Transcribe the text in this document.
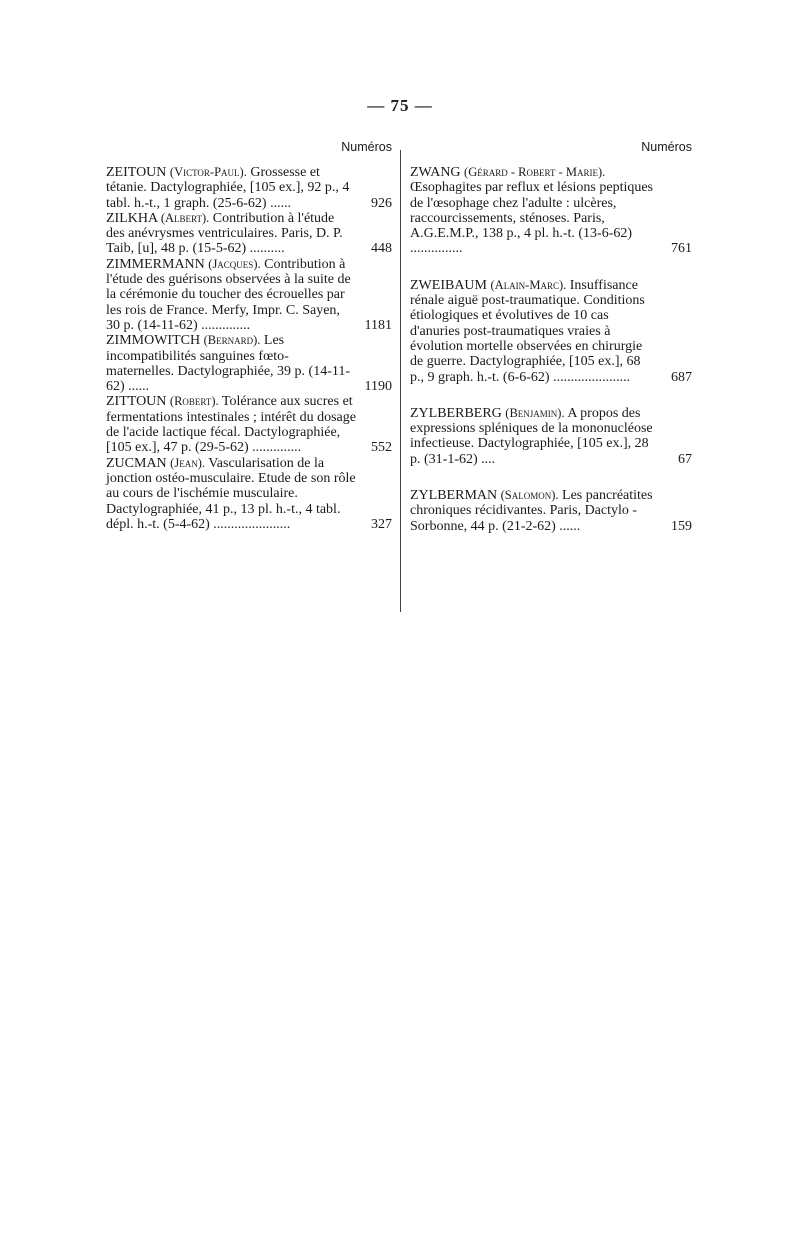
— 75 —
Numéros

ZEITOUN (Victor-Paul). Grossesse et tétanie. Dactylographiée, [105 ex.], 92 p., 4 tabl. h.-t., 1 graph. (25-6-62) ......	926

ZILKHA (Albert). Contribution à l'étude des anévrysmes ventriculaires. Paris, D. P. Taib, [u], 48 p. (15-5-62) ..........	448

ZIMMERMANN (Jacques). Contribution à l'étude des guérisons observées à la suite de la cérémonie du toucher des écrouelles par les rois de France. Merfy, Impr. C. Sayen, 30 p. (14-11-62) ..............	1181

ZIMMOWITCH (Bernard). Les incompatibilités sanguines fœto-maternelles. Dactylographiée, 39 p. (14-11-62) ......	1190

ZITTOUN (Robert). Tolérance aux sucres et fermentations intestinales ; intérêt du dosage de l'acide lactique fécal. Dactylographiée, [105 ex.], 47 p. (29-5-62) ..............	552

ZUCMAN (Jean). Vascularisation de la jonction ostéo-musculaire. Etude de son rôle au cours de l'ischémie musculaire. Dactylographiée, 41 p., 13 pl. h.-t., 4 tabl. dépl. h.-t. (5-4-62) ......................	327

Numéros

ZWANG (Gérard - Robert - Marie). Œsophagites par reflux et lésions peptiques de l'œsophage chez l'adulte : ulcères, raccourcissements, sténoses. Paris, A.G.E.M.P., 138 p., 4 pl. h.-t. (13-6-62) ...............	761

ZWEIBAUM (Alain-Marc). Insuffisance rénale aiguë post-traumatique. Conditions étiologiques et évolutives de 10 cas d'anuries post-traumatiques vraies à évolution mortelle observées en chirurgie de guerre. Dactylographiée, [105 ex.], 68 p., 9 graph. h.-t. (6-6-62) ......................	687

ZYLBERBERG (Benjamin). A propos des expressions spléniques de la mononucléose infectieuse. Dactylographiée, [105 ex.], 28 p. (31-1-62) ....	67

ZYLBERMAN (Salomon). Les pancréatites chroniques récidivantes. Paris, Dactylo - Sorbonne, 44 p. (21-2-62) ......	159
